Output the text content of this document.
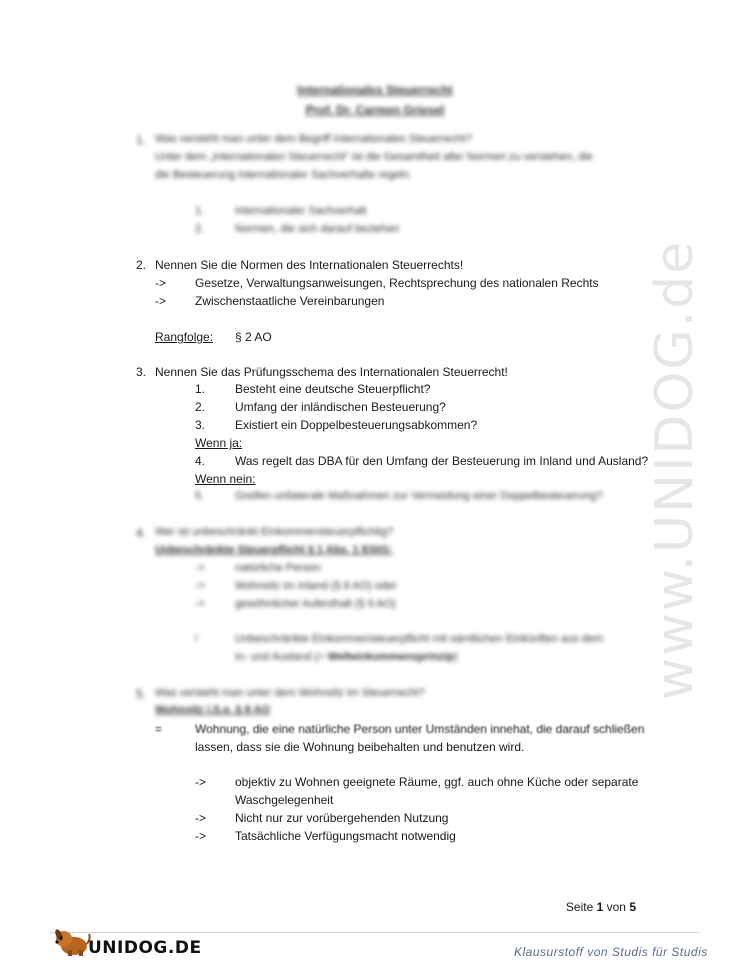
www.UNIDOG.de
Internationales Steuerrecht
Prof. Dr. Carmen Griesel
1. Was versteht man unter dem Begriff Internationales Steuerrecht?
Unter dem „internationalen Steuerrecht“ ist die Gesamtheit aller Normen zu verstehen, die
die Besteuerung internationaler Sachverhalte regeln.
1.	Internationaler Sachverhalt
2.	Normen, die sich darauf beziehen
2. Nennen Sie die Normen des Internationalen Steuerrechts!
-> Gesetze, Verwaltungsanweisungen, Rechtsprechung des nationalen Rechts
-> Zwischenstaatliche Vereinbarungen
Rangfolge: § 2 AO
3. Nennen Sie das Prüfungsschema des Internationalen Steuerrecht!
1. Besteht eine deutsche Steuerpflicht?
2. Umfang der inländischen Besteuerung?
3. Existiert ein Doppelbesteuerungsabkommen?
Wenn ja:
4. Was regelt das DBA für den Umfang der Besteuerung im Inland und Ausland?
Wenn nein:
5.	Greifen unilaterale Maßnahmen zur Vermeidung einer Doppelbesteuerung?
4. Wer ist unbeschränkt Einkommensteuerpflichtig?
Unbeschränkte Steuerpflicht § 1 Abs. 1 EStG:
->	natürliche Person
->	Wohnsitz im Inland (§ 8 AO) oder
->	gewöhnlicher Aufenthalt (§ 9 AO)
!	Unbeschränkte Einkommensteuerpflicht mit sämtlichen Einkünften aus dem
In- und Ausland (= Welteinkommensprinzip)
5. Was versteht man unter dem Wohnsitz im Steuerrecht?
Wohnsitz i.S.e. § 8 AO
=	Wohnung, die eine natürliche Person unter Umständen innehat, die darauf schließen
lassen, dass sie die Wohnung beibehalten und benutzen wird.
-> objektiv zu Wohnen geeignete Räume, ggf. auch ohne Küche oder separate
Waschgelegenheit
-> Nicht nur zur vorübergehenden Nutzung
-> Tatsächliche Verfügungsmacht notwendig
Seite 1 von 5
UNIDOG.DE	Klausurstoff von Studis für Studis
